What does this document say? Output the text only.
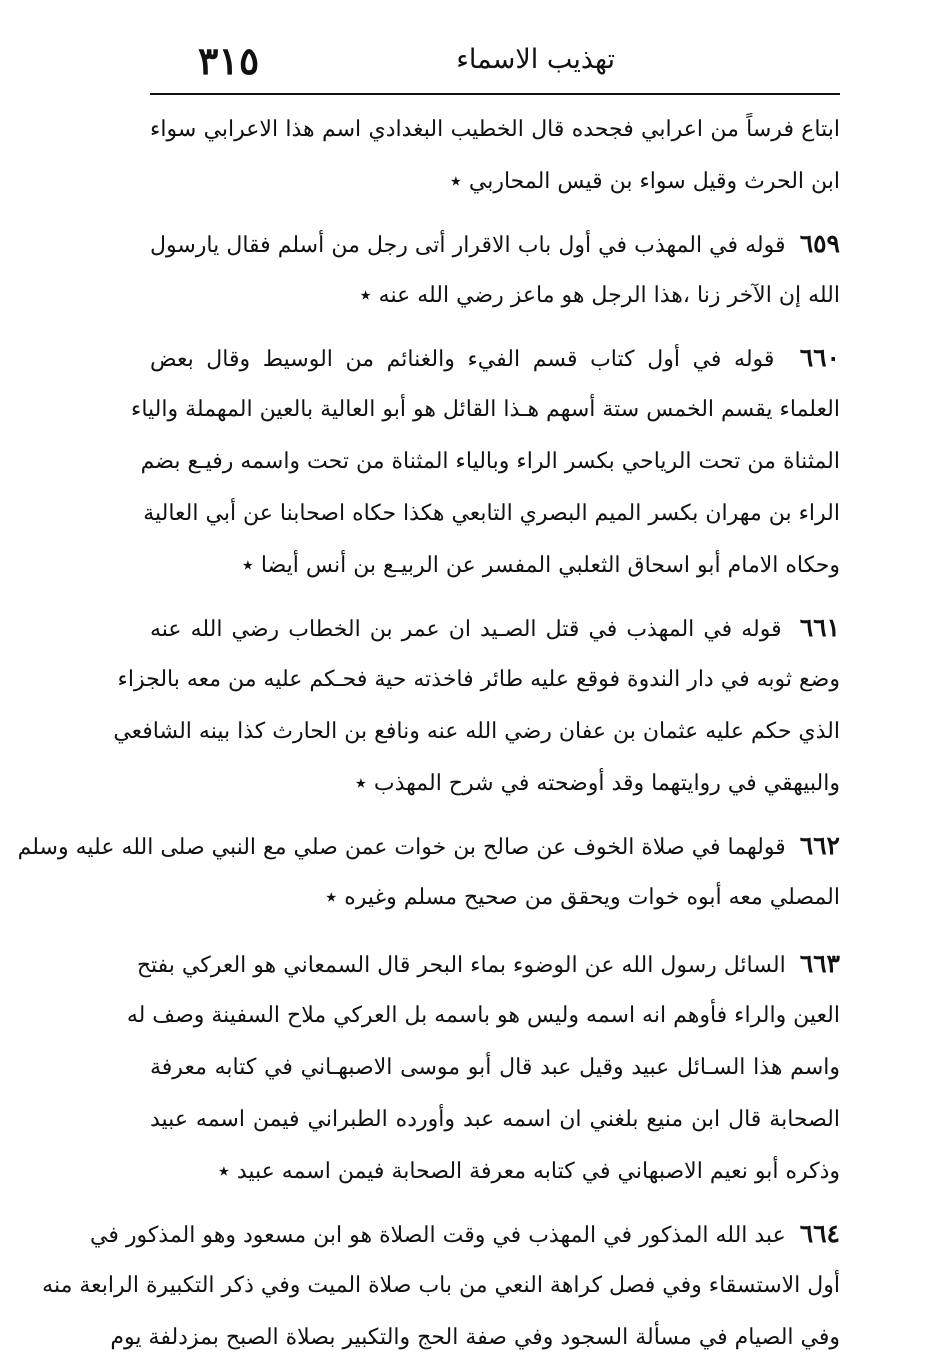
تهذيب الاسماء
٣١٥
ابتاع فرساً من اعرابي فجحده قال الخطيب البغدادي اسم هذا الاعرابي سواء
ابن الحرث وقيل سواء بن قيس المحاربي ٭
٦٥٩  قوله في المهذب في أول باب الاقرار أتى رجل من أسلم فقال يارسول
الله إن الآخر زنا ،هذا الرجل هو ماعز رضي الله عنه ٭
٦٦٠  قوله في أول كتاب قسم الفيء والغنائم من الوسيط وقال بعض
العلماء يقسم الخمس ستة أسهم هـذا القائل هو أبو العالية بالعين المهملة والياء
المثناة من تحت الرياحي بكسر الراء وبالياء المثناة من تحت واسمه رفيـع بضم
الراء بن مهران بكسر الميم البصري التابعي هكذا حكاه اصحابنا عن أبي العالية
وحكاه الامام أبو اسحاق الثعلبي المفسر عن الربيـع بن أنس أيضا ٭
٦٦١  قوله في المهذب في قتل الصـيد ان عمر بن الخطاب رضي الله عنه
وضع ثوبه في دار الندوة فوقع عليه طائر فاخذته حية فحـكم عليه من معه بالجزاء
الذي حكم عليه عثمان بن عفان رضي الله عنه ونافع بن الحارث كذا بينه الشافعي
والبيهقي في روايتهما وقد أوضحته في شرح المهذب ٭
٦٦٢  قولهما في صلاة الخوف عن صالح بن خوات عمن صلي مع النبي صلى الله عليه وسلم
المصلي معه أبوه خوات ويحقق من صحيح مسلم وغيره ٭
٦٦٣  السائل رسول الله عن الوضوء بماء البحر قال السمعاني هو العركي بفتح
العين والراء فأوهم انه اسمه وليس هو باسمه بل العركي ملاح السفينة وصف له
واسم هذا السـائل عبيد وقيل عبد قال أبو موسى الاصبهـاني في كتابه معرفة
الصحابة قال ابن منيع بلغني ان اسمه عبد وأورده الطبراني فيمن اسمه عبيد
وذكره أبو نعيم الاصبهاني في كتابه معرفة الصحابة فيمن اسمه عبيد ٭
٦٦٤  عبد الله المذكور في المهذب في وقت الصلاة هو ابن مسعود وهو المذكور في
أول الاستسقاء وفي فصل كراهة النعي من باب صلاة الميت وفي ذكر التكبيرة الرابعة منه
وفي الصيام في مسألة السجود وفي صفة الحج والتكبير بصلاة الصبح بمزدلفة يوم
